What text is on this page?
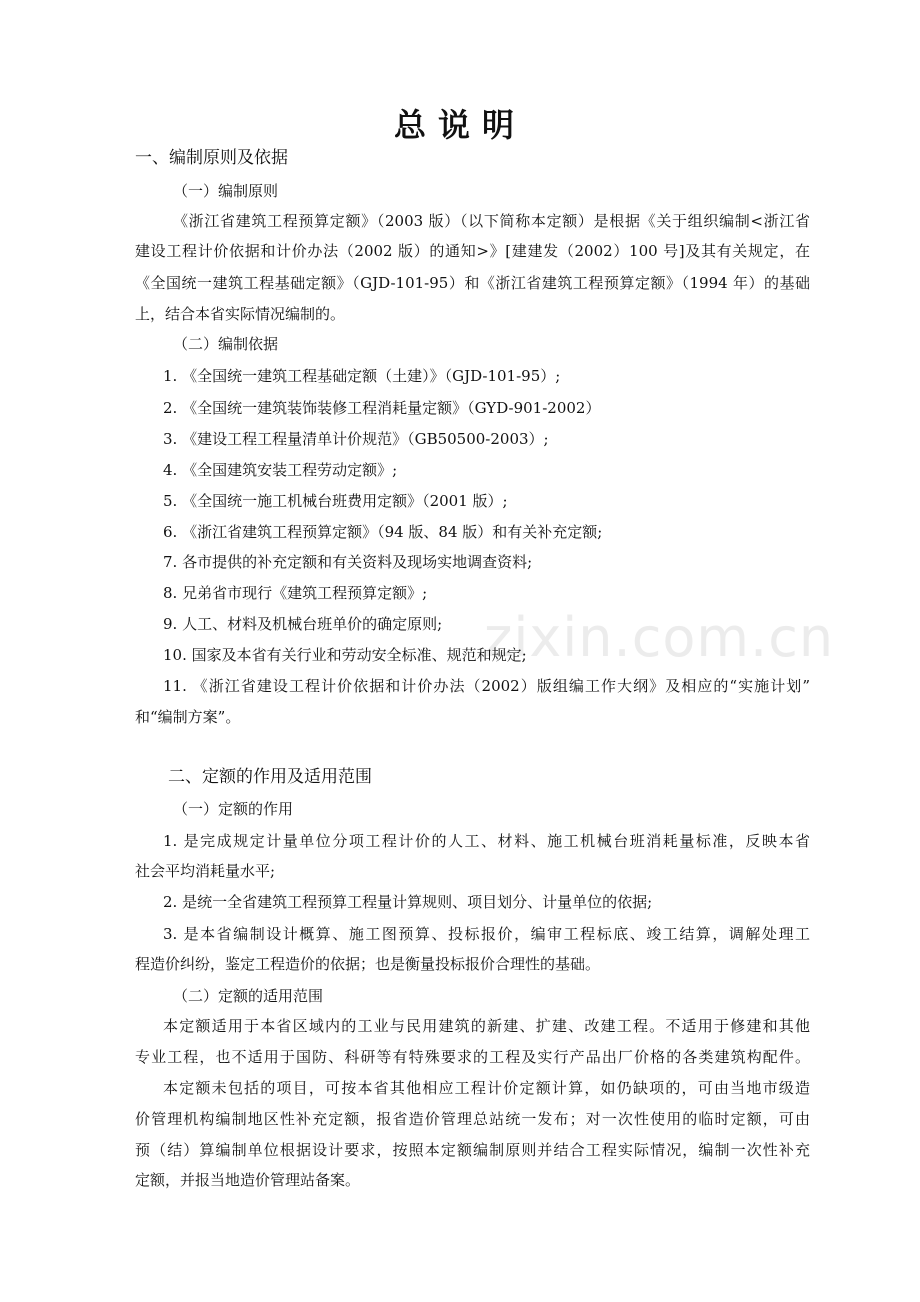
zixin.com.cn
总说明
一、编制原则及依据
（一）编制原则
《浙江省建筑工程预算定额》（2003 版）（以下简称本定额）是根据《关于组织编制<浙江省
建设工程计价依据和计价办法（2002 版）的通知>》[建建发（2002）100 号]及其有关规定，在
《全国统一建筑工程基础定额》（GJD-101-95）和《浙江省建筑工程预算定额》（1994 年）的基础
上，结合本省实际情况编制的。
（二）编制依据
1. 《全国统一建筑工程基础定额（土建）》（GJD-101-95）;
2. 《全国统一建筑装饰装修工程消耗量定额》（GYD-901-2002）
3. 《建设工程工程量清单计价规范》（GB50500-2003）;
4. 《全国建筑安装工程劳动定额》;
5. 《全国统一施工机械台班费用定额》（2001 版）;
6. 《浙江省建筑工程预算定额》（94 版、84 版）和有关补充定额;
7. 各市提供的补充定额和有关资料及现场实地调查资料;
8. 兄弟省市现行《建筑工程预算定额》;
9. 人工、材料及机械台班单价的确定原则;
10. 国家及本省有关行业和劳动安全标准、规范和规定;
11. 《浙江省建设工程计价依据和计价办法（2002）版组编工作大纲》及相应的“实施计划”
和“编制方案”。
二、定额的作用及适用范围
（一）定额的作用
1. 是完成规定计量单位分项工程计价的人工、材料、施工机械台班消耗量标准，反映本省
社会平均消耗量水平;
2. 是统一全省建筑工程预算工程量计算规则、项目划分、计量单位的依据;
3. 是本省编制设计概算、施工图预算、投标报价，编审工程标底、竣工结算，调解处理工
程造价纠纷，鉴定工程造价的依据；也是衡量投标报价合理性的基础。
（二）定额的适用范围
本定额适用于本省区域内的工业与民用建筑的新建、扩建、改建工程。不适用于修建和其他
专业工程，也不适用于国防、科研等有特殊要求的工程及实行产品出厂价格的各类建筑构配件。
本定额未包括的项目，可按本省其他相应工程计价定额计算，如仍缺项的，可由当地市级造
价管理机构编制地区性补充定额，报省造价管理总站统一发布；对一次性使用的临时定额，可由
预（结）算编制单位根据设计要求，按照本定额编制原则并结合工程实际情况，编制一次性补充
定额，并报当地造价管理站备案。
